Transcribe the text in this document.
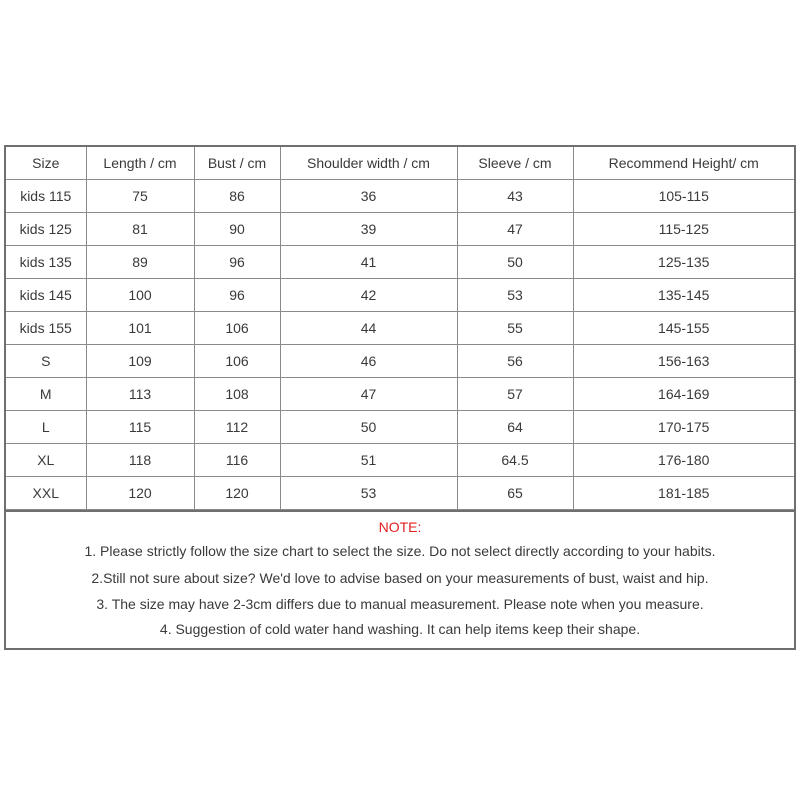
Size	Length / cm	Bust / cm	Shoulder width / cm	Sleeve / cm	Recommend Height/ cm
kids 115	75	86	36	43	105-115
kids 125	81	90	39	47	115-125
kids 135	89	96	41	50	125-135
kids 145	100	96	42	53	135-145
kids 155	101	106	44	55	145-155
S	109	106	46	56	156-163
M	113	108	47	57	164-169
L	115	112	50	64	170-175
XL	118	116	51	64.5	176-180
XXL	120	120	53	65	181-185
NOTE:
1. Please strictly follow the size chart to select the size. Do not select directly according to your habits.
2.Still not sure about size? We'd love to advise based on your measurements of bust, waist and hip.
3. The size may have 2-3cm differs due to manual measurement. Please note when you measure.
4. Suggestion of cold water hand washing. It can help items keep their shape.
